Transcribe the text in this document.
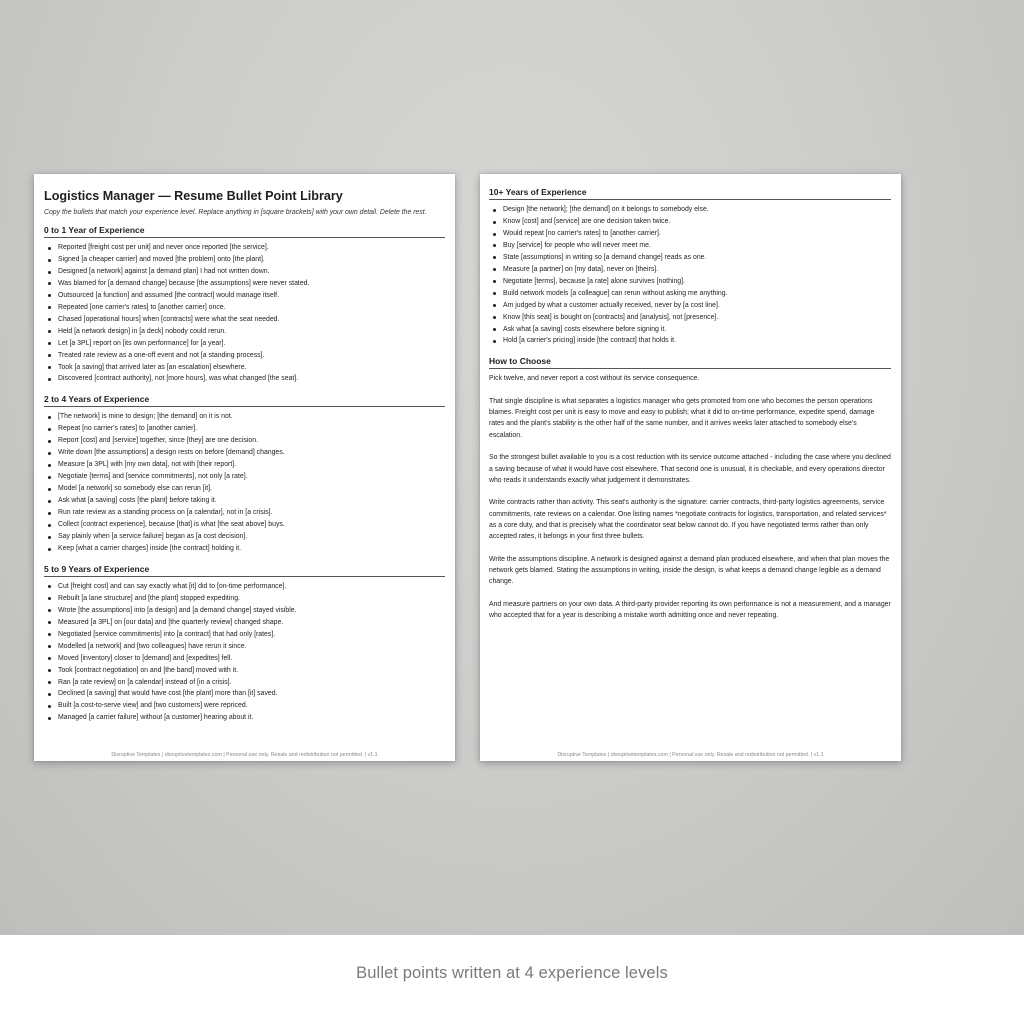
Logistics Manager — Resume Bullet Point Library
Copy the bullets that match your experience level. Replace anything in [square brackets] with your own detail. Delete the rest.
0 to 1 Year of Experience
Reported [freight cost per unit] and never once reported [the service].
Signed [a cheaper carrier] and moved [the problem] onto [the plant].
Designed [a network] against [a demand plan] I had not written down.
Was blamed for [a demand change] because [the assumptions] were never stated.
Outsourced [a function] and assumed [the contract] would manage itself.
Repeated [one carrier's rates] to [another carrier] once.
Chased [operational hours] when [contracts] were what the seat needed.
Held [a network design] in [a deck] nobody could rerun.
Let [a 3PL] report on [its own performance] for [a year].
Treated rate review as a one-off event and not [a standing process].
Took [a saving] that arrived later as [an escalation] elsewhere.
Discovered [contract authority], not [more hours], was what changed [the seat].
2 to 4 Years of Experience
[The network] is mine to design; [the demand] on it is not.
Repeat [no carrier's rates] to [another carrier].
Report [cost] and [service] together, since [they] are one decision.
Write down [the assumptions] a design rests on before [demand] changes.
Measure [a 3PL] with [my own data], not with [their report].
Negotiate [terms] and [service commitments], not only [a rate].
Model [a network] so somebody else can rerun [it].
Ask what [a saving] costs [the plant] before taking it.
Run rate review as a standing process on [a calendar], not in [a crisis].
Collect [contract experience], because [that] is what [the seat above] buys.
Say plainly when [a service failure] began as [a cost decision].
Keep [what a carrier charges] inside [the contract] holding it.
5 to 9 Years of Experience
Cut [freight cost] and can say exactly what [it] did to [on-time performance].
Rebuilt [a lane structure] and [the plant] stopped expediting.
Wrote [the assumptions] into [a design] and [a demand change] stayed visible.
Measured [a 3PL] on [our data] and [the quarterly review] changed shape.
Negotiated [service commitments] into [a contract] that had only [rates].
Modelled [a network] and [two colleagues] have rerun it since.
Moved [inventory] closer to [demand] and [expedites] fell.
Took [contract negotiation] on and [the band] moved with it.
Ran [a rate review] on [a calendar] instead of [in a crisis].
Declined [a saving] that would have cost [the plant] more than [it] saved.
Built [a cost-to-serve view] and [two customers] were repriced.
Managed [a carrier failure] without [a customer] hearing about it.
Disruptive Templates | disruptivetemplates.com | Personal use only. Resale and redistribution not permitted. | v1.1
10+ Years of Experience
Design [the network]; [the demand] on it belongs to somebody else.
Know [cost] and [service] are one decision taken twice.
Would repeat [no carrier's rates] to [another carrier].
Buy [service] for people who will never meet me.
State [assumptions] in writing so [a demand change] reads as one.
Measure [a partner] on [my data], never on [theirs].
Negotiate [terms], because [a rate] alone survives [nothing].
Build network models [a colleague] can rerun without asking me anything.
Am judged by what a customer actually received, never by [a cost line].
Know [this seat] is bought on [contracts] and [analysis], not [presence].
Ask what [a saving] costs elsewhere before signing it.
Hold [a carrier's pricing] inside [the contract] that holds it.
How to Choose

Pick twelve, and never report a cost without its service consequence.

That single discipline is what separates a logistics manager who gets promoted from one who becomes the person operations blames. Freight cost per unit is easy to move and easy to publish; what it did to on-time performance, expedite spend, damage rates and the plant's stability is the other half of the same number, and it arrives weeks later attached to somebody else's escalation.

So the strongest bullet available to you is a cost reduction with its service outcome attached - including the case where you declined a saving because of what it would have cost elsewhere. That second one is unusual, it is checkable, and every operations director who reads it understands exactly what judgement it demonstrates.

Write contracts rather than activity. This seat's authority is the signature: carrier contracts, third-party logistics agreements, service commitments, rate reviews on a calendar. One listing names *negotiate contracts for logistics, transportation, and related services* as a core duty, and that is precisely what the coordinator seat below cannot do. If you have negotiated terms rather than only accepted rates, it belongs in your first three bullets.

Write the assumptions discipline. A network is designed against a demand plan produced elsewhere, and when that plan moves the network gets blamed. Stating the assumptions in writing, inside the design, is what keeps a demand change legible as a demand change.

And measure partners on your own data. A third-party provider reporting its own performance is not a measurement, and a manager who accepted that for a year is describing a mistake worth admitting once and never repeating.

Disruptive Templates | disruptivetemplates.com | Personal use only. Resale and redistribution not permitted. | v1.1
Bullet points written at 4 experience levels
